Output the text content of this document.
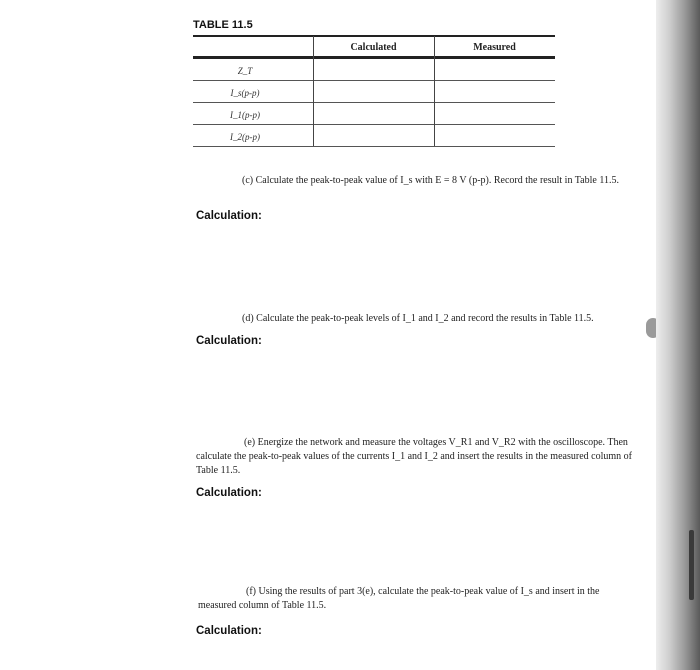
TABLE 11.5
Calculated	Measured
Z_T
I_s(p-p)
I_1(p-p)
I_2(p-p)
(c) Calculate the peak-to-peak value of I_s with E = 8 V (p-p). Record the result in Table 11.5.
Calculation:
(d) Calculate the peak-to-peak levels of I_1 and I_2 and record the results in Table 11.5.
Calculation:
(e) Energize the network and measure the voltages V_R1 and V_R2 with the oscilloscope. Then calculate the peak-to-peak values of the currents I_1 and I_2 and insert the results in the measured column of Table 11.5.
Calculation:
(f) Using the results of part 3(e), calculate the peak-to-peak value of I_s and insert in the measured column of Table 11.5.
Calculation:
